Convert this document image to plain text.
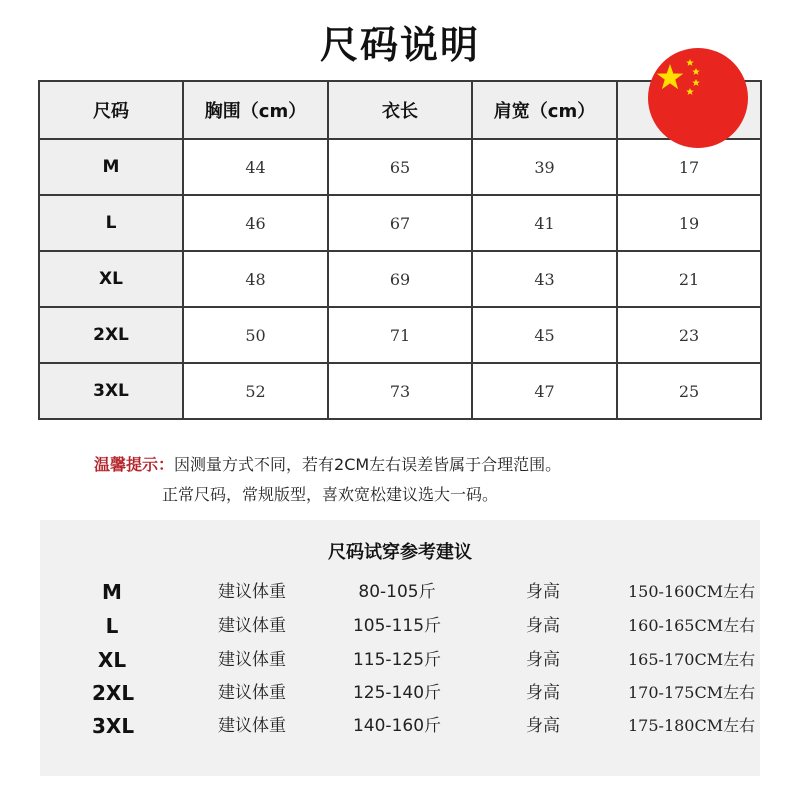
尺码说明
尺码	胸围（cm）	衣长	肩宽（cm）	
M	44	65	39	17
L	46	67	41	19
XL	48	69	43	21
2XL	50	71	45	23
3XL	52	73	47	25
温馨提示：因测量方式不同，若有2CM左右误差皆属于合理范围。
正常尺码，常规版型，喜欢宽松建议选大一码。
尺码试穿参考建议
M	建议体重	80-105斤	身高	150-160CM左右
L	建议体重	105-115斤	身高	160-165CM左右
XL	建议体重	115-125斤	身高	165-170CM左右
2XL	建议体重	125-140斤	身高	170-175CM左右
3XL	建议体重	140-160斤	身高	175-180CM左右
